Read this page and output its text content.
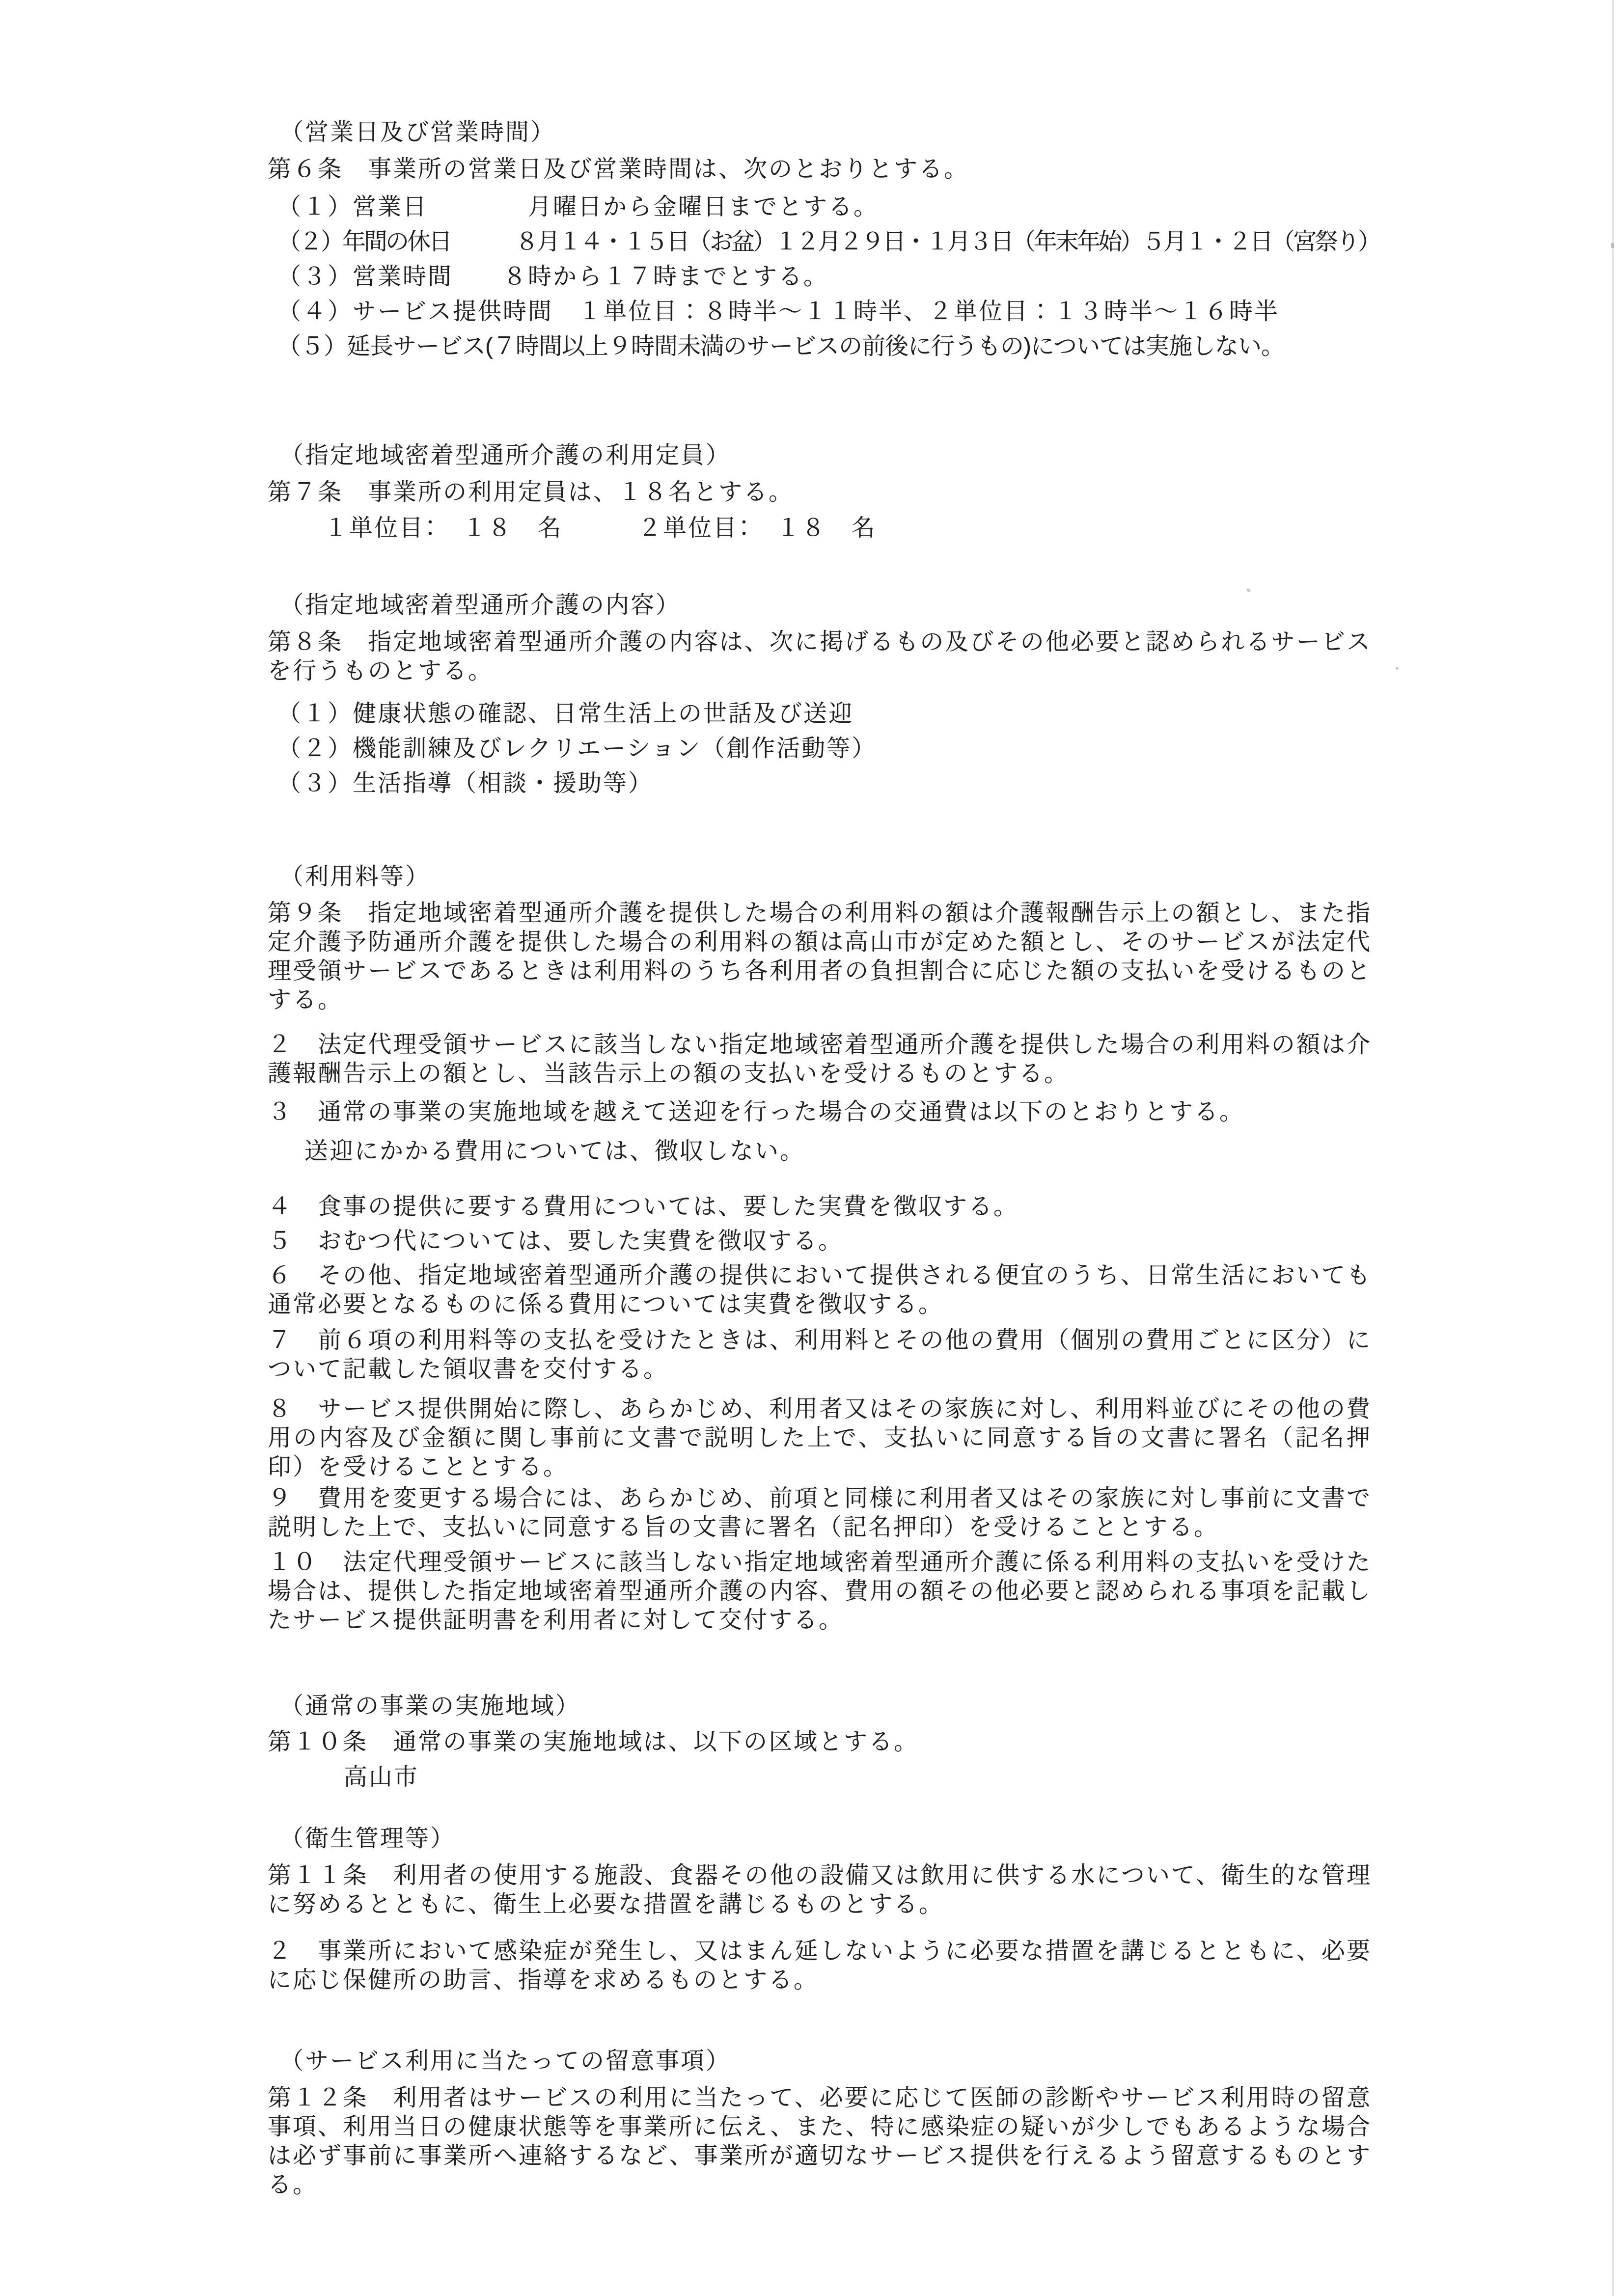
（営業日及び営業時間）
第６条　事業所の営業日及び営業時間は、次のとおりとする。
（１）営業日　　　　月曜日から金曜日までとする。
（２）年間の休日　　　８月１４・１５日（お盆）１２月２９日・１月３日（年末年始）５月１・２日（宮祭り）
（３）営業時間　　８時から１７時までとする。
（４）サービス提供時間　１単位目：８時半～１１時半、２単位目：１３時半～１６時半
（５）延長サービス(７時間以上９時間未満のサービスの前後に行うもの)については実施しない。
（指定地域密着型通所介護の利用定員）
第７条　事業所の利用定員は、１８名とする。
１単位目：　１８　名　　　２単位目：　１８　名
（指定地域密着型通所介護の内容）
第８条　指定地域密着型通所介護の内容は、次に掲げるもの及びその他必要と認められるサービスを行うものとする。
（１）健康状態の確認、日常生活上の世話及び送迎
（２）機能訓練及びレクリエーション（創作活動等）
（３）生活指導（相談・援助等）
（利用料等）
第９条　指定地域密着型通所介護を提供した場合の利用料の額は介護報酬告示上の額とし、また指定介護予防通所介護を提供した場合の利用料の額は高山市が定めた額とし、そのサービスが法定代理受領サービスであるときは利用料のうち各利用者の負担割合に応じた額の支払いを受けるものとする。
２　法定代理受領サービスに該当しない指定地域密着型通所介護を提供した場合の利用料の額は介護報酬告示上の額とし、当該告示上の額の支払いを受けるものとする。
３　通常の事業の実施地域を越えて送迎を行った場合の交通費は以下のとおりとする。
送迎にかかる費用については、徴収しない。
４　食事の提供に要する費用については、要した実費を徴収する。
５　おむつ代については、要した実費を徴収する。
６　その他、指定地域密着型通所介護の提供において提供される便宜のうち、日常生活においても通常必要となるものに係る費用については実費を徴収する。
７　前６項の利用料等の支払を受けたときは、利用料とその他の費用（個別の費用ごとに区分）について記載した領収書を交付する。
８　サービス提供開始に際し、あらかじめ、利用者又はその家族に対し、利用料並びにその他の費用の内容及び金額に関し事前に文書で説明した上で、支払いに同意する旨の文書に署名（記名押印）を受けることとする。
９　費用を変更する場合には、あらかじめ、前項と同様に利用者又はその家族に対し事前に文書で説明した上で、支払いに同意する旨の文書に署名（記名押印）を受けることとする。
１０　法定代理受領サービスに該当しない指定地域密着型通所介護に係る利用料の支払いを受けた場合は、提供した指定地域密着型通所介護の内容、費用の額その他必要と認められる事項を記載したサービス提供証明書を利用者に対して交付する。
（通常の事業の実施地域）
第１０条　通常の事業の実施地域は、以下の区域とする。
高山市
（衛生管理等）
第１１条　利用者の使用する施設、食器その他の設備又は飲用に供する水について、衛生的な管理に努めるとともに、衛生上必要な措置を講じるものとする。
２　事業所において感染症が発生し、又はまん延しないように必要な措置を講じるとともに、必要に応じ保健所の助言、指導を求めるものとする。
（サービス利用に当たっての留意事項）
第１２条　利用者はサービスの利用に当たって、必要に応じて医師の診断やサービス利用時の留意事項、利用当日の健康状態等を事業所に伝え、また、特に感染症の疑いが少しでもあるような場合は必ず事前に事業所へ連絡するなど、事業所が適切なサービス提供を行えるよう留意するものとする。
